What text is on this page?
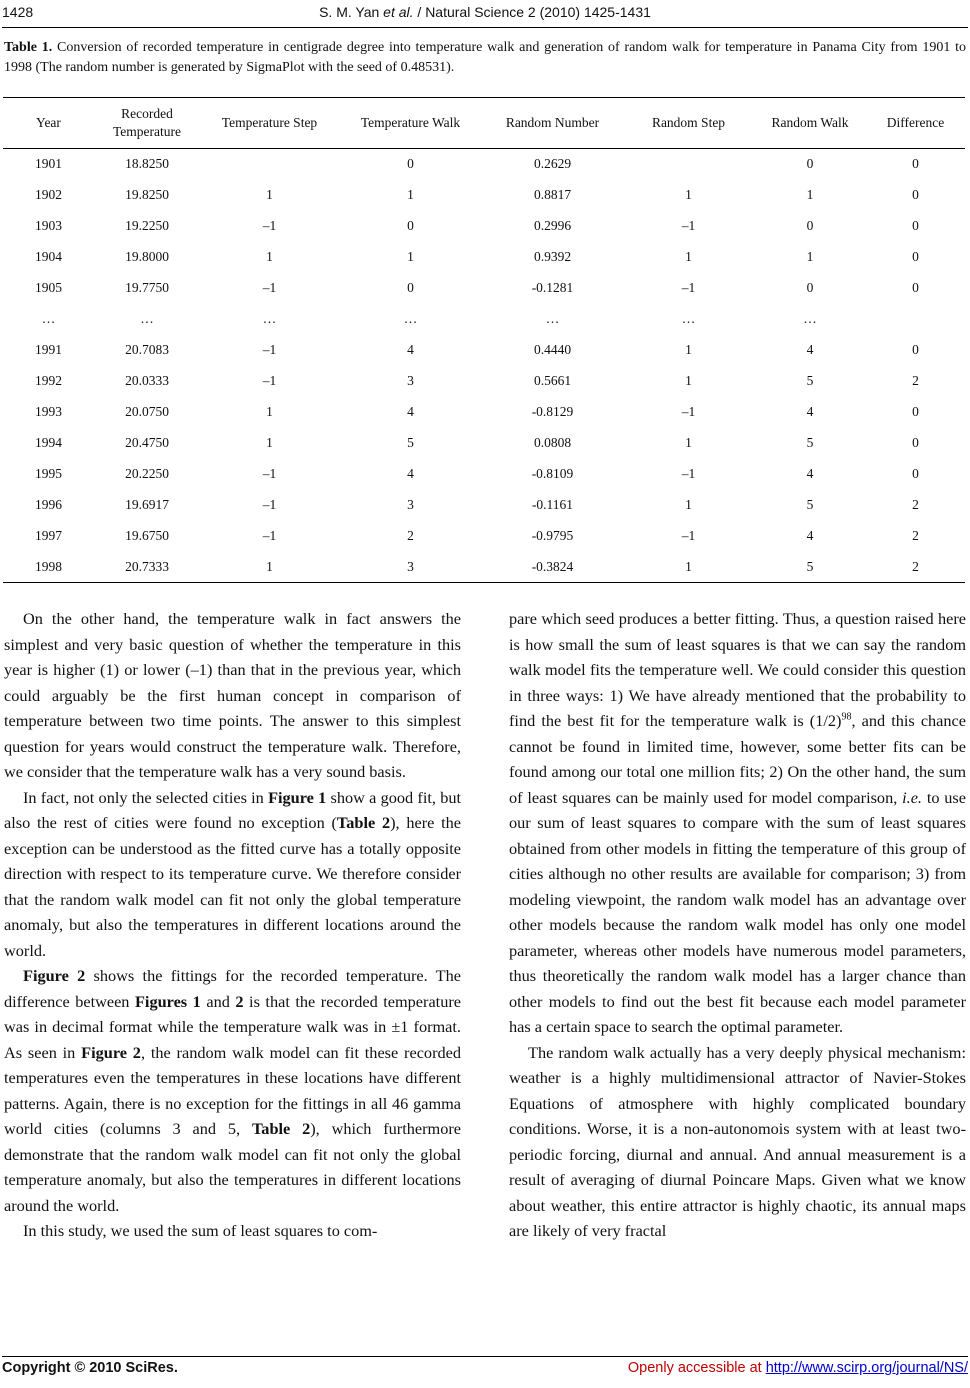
1428	S. M. Yan et al. / Natural Science 2 (2010) 1425-1431
Table 1. Conversion of recorded temperature in centigrade degree into temperature walk and generation of random walk for temperature in Panama City from 1901 to 1998 (The random number is generated by SigmaPlot with the seed of 0.48531).
Year	Recorded Temperature	Temperature Step	Temperature Walk	Random Number	Random Step	Random Walk	Difference
1901	18.8250		0	0.2629		0	0
1902	19.8250	1	1	0.8817	1	1	0
1903	19.2250	–1	0	0.2996	–1	0	0
1904	19.8000	1	1	0.9392	1	1	0
1905	19.7750	–1	0	-0.1281	–1	0	0
…	…	…	…	…	…	…	
1991	20.7083	–1	4	0.4440	1	4	0
1992	20.0333	–1	3	0.5661	1	5	2
1993	20.0750	1	4	-0.8129	–1	4	0
1994	20.4750	1	5	0.0808	1	5	0
1995	20.2250	–1	4	-0.8109	–1	4	0
1996	19.6917	–1	3	-0.1161	1	5	2
1997	19.6750	–1	2	-0.9795	–1	4	2
1998	20.7333	1	3	-0.3824	1	5	2

On the other hand, the temperature walk in fact answers the simplest and very basic question of whether the temperature in this year is higher (1) or lower (–1) than that in the previous year, which could arguably be the first human concept in comparison of temperature between two time points. The answer to this simplest question for years would construct the temperature walk. Therefore, we consider that the temperature walk has a very sound basis.

In fact, not only the selected cities in Figure 1 show a good fit, but also the rest of cities were found no exception (Table 2), here the exception can be understood as the fitted curve has a totally opposite direction with respect to its temperature curve. We therefore consider that the random walk model can fit not only the global temperature anomaly, but also the temperatures in different locations around the world.

Figure 2 shows the fittings for the recorded temperature. The difference between Figures 1 and 2 is that the recorded temperature was in decimal format while the temperature walk was in ±1 format. As seen in Figure 2, the random walk model can fit these recorded temperatures even the temperatures in these locations have different patterns. Again, there is no exception for the fittings in all 46 gamma world cities (columns 3 and 5, Table 2), which furthermore demonstrate that the random walk model can fit not only the global temperature anomaly, but also the temperatures in different locations around the world.

In this study, we used the sum of least squares to com-

pare which seed produces a better fitting. Thus, a question raised here is how small the sum of least squares is that we can say the random walk model fits the temperature well. We could consider this question in three ways: 1) We have already mentioned that the probability to find the best fit for the temperature walk is $(1/2)^{98}$, and this chance cannot be found in limited time, however, some better fits can be found among our total one million fits; 2) On the other hand, the sum of least squares can be mainly used for model comparison, i.e. to use our sum of least squares to compare with the sum of least squares obtained from other models in fitting the temperature of this group of cities although no other results are available for comparison; 3) from modeling viewpoint, the random walk model has an advantage over other models because the random walk model has only one model parameter, whereas other models have numerous model parameters, thus theoretically the random walk model has a larger chance than other models to find out the best fit because each model parameter has a certain space to search the optimal parameter.

The random walk actually has a very deeply physical mechanism: weather is a highly multidimensional attractor of Navier-Stokes Equations of atmosphere with highly complicated boundary conditions. Worse, it is a non-autonomois system with at least two-periodic forcing, diurnal and annual. And annual measurement is a result of averaging of diurnal Poincare Maps. Given what we know about weather, this entire attractor is highly chaotic, its annual maps are likely of very fractal

Copyright © 2010 SciRes.	Openly accessible at http://www.scirp.org/journal/NS/
